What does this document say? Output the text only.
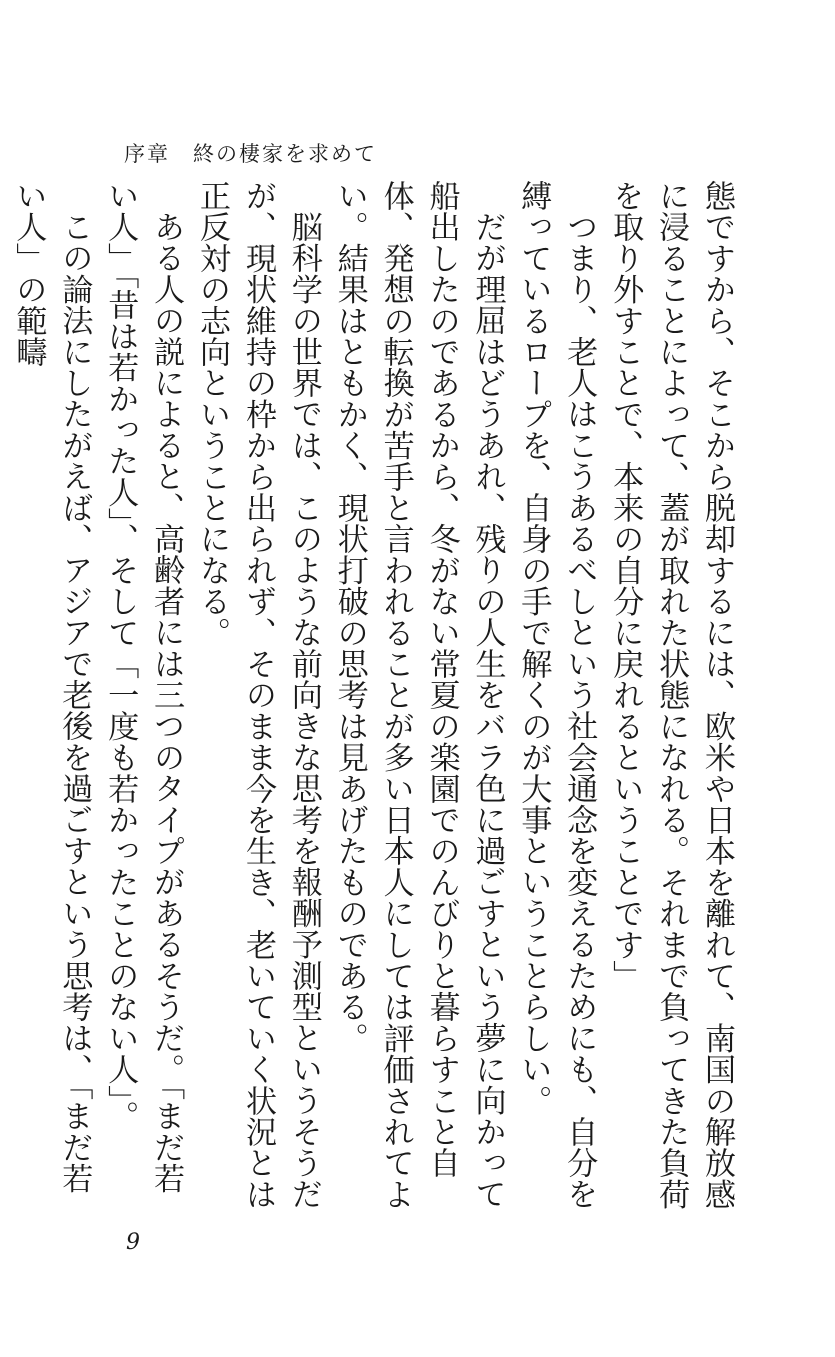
序章　終の棲家を求めて

態ですから、そこから脱却するには、欧米や日本を離れて、南国の解放感に浸ることによって、蓋が取れた状態になれる。それまで負ってきた負荷を取り外すことで、本来の自分に戻れるということです」

つまり、老人はこうあるべしという社会通念を変えるためにも、自分を縛っているロープを、自身の手で解くのが大事ということらしい。

だが理屈はどうあれ、残りの人生をバラ色に過ごすという夢に向かって船出したのであるから、冬がない常夏の楽園でのんびりと暮らすこと自体、発想の転換が苦手と言われることが多い日本人にしては評価されてよい。結果はともかく、現状打破の思考は見あげたものである。

脳科学の世界では、このような前向きな思考を報酬予測型というそうだが、現状維持の枠から出られず、そのまま今を生き、老いていく状況とは正反対の志向ということになる。

ある人の説によると、高齢者には三つのタイプがあるそうだ。「まだ若い人」「昔は若かった人」、そして「一度も若かったことのない人」。

この論法にしたがえば、アジアで老後を過ごすという思考は、「まだ若い人」の範疇

9
